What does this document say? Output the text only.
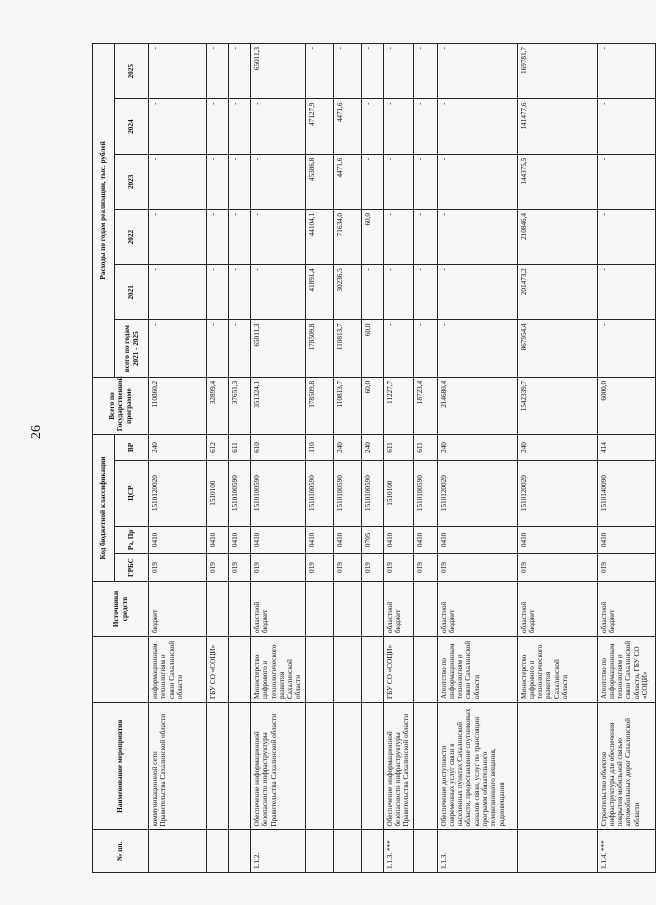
26
№ пп.	Наименование мероприятия		Источники средств	Код бюджетной классификации				Всего по Государственной программе	Расходы по годам реализации, тыс. рублей					
				ГРБС	Рз, Пр	ЦСР	ВР		всего по годам 2021 - 2025	2021	2022	2023	2024	2025
	коммуникационной сети Правительства Сахалинской области	информационным технологиям и связи Сахалинской области	бюджет	019	0410	1510120020	240	110860,2	-	-	-	-	-	-
		ГБУ СО «СОЦИ»		019	0410	1510100	612	32899,4	-	-	-	-	-	-
				019	0410	1510100590	611	37651,3	-	-	-	-	-	-
1.1.2.	Обеспечение информационной безопасности инфраструктуры Правительства Сахалинской области	Министерство цифрового и технологического развития Сахалинской области	областной бюджет	019	0410	1510100590	610	351324,1	65011,3	-	-	-	-	65011,3
				019	0410	1510100590	110	178509,8	178509,8	41891,4	44104,1	45386,8	47127,9	-
				019	0410	1510100590	240	110813,7	110813,7	30236,5	71634,0	4471,6	4471,6	-
				019	0705	1510100590	240	60,0	60,0	-	60,0	-	-	-
1.1.3. ***	Обеспечение информационной безопасности инфраструктуры Правительства Сахалинской области	ГБУ СО «СОЦИ»	областной бюджет	019	0410	1510100	611	11227,7	-	-	-	-	-	-
				019	0410	1510100590	611	18723,4	-	-	-	-	-	-
1.1.3.	Обеспечение доступности современных услуг связи в населенных пунктах Сахалинской области, предоставление спутниковых каналов связи, услуг по трансляции программ обязательного телевизионного вещания, радиовещания	Агентство по информационным технологиям и связи Сахалинской области	областной бюджет	019	0410	1510120020	240	214680,4	-	-	-	-	-	-
		Министерство цифрового и технологического развития Сахалинской области	областной бюджет	019	0410	1510120020	240	1542339,7	867954,4	201473,2	210846,4	144375,5	141477,6	169781,7
1.1.4. ***	Строительство объектов инфраструктуры для обеспечения покрытия мобильной связью автомобильных дорог Сахалинской области	Агентство по информационным технологиям и связи Сахалинской области, ГБУ СО «СОЦИ»	областной бюджет	019	0410	1510140090	414	6000,0	-	-	-	-	-	-
